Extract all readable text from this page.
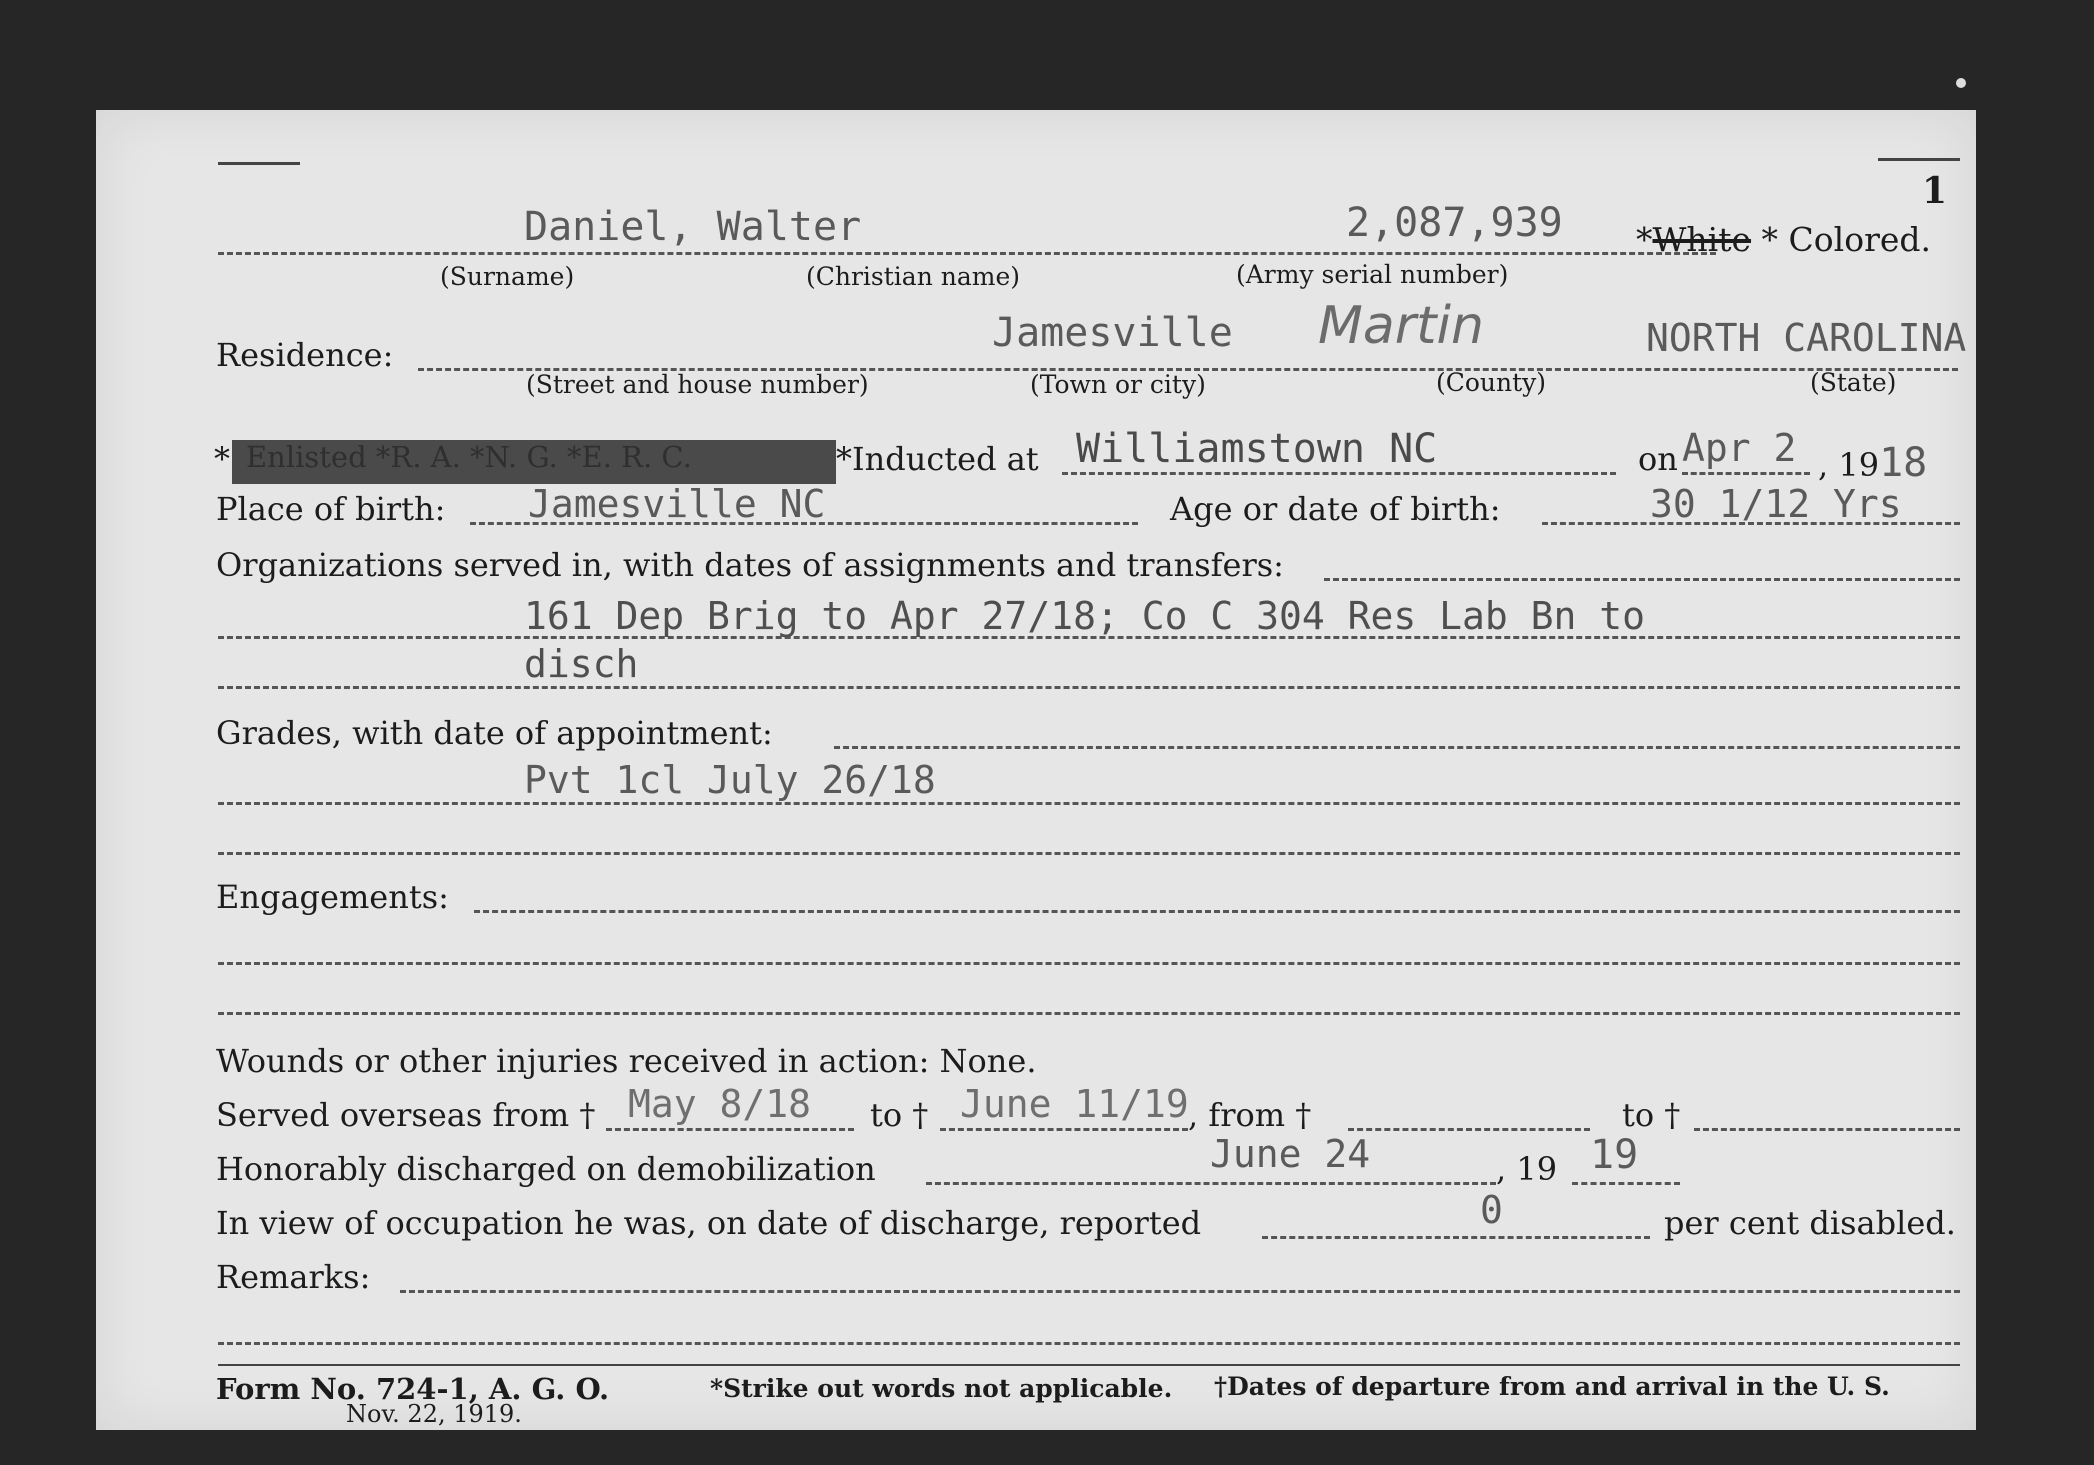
1
Daniel, Walter	2,087,939 *White * Colored.
(Surname)	(Christian name)	(Army serial number)
Residence:	Jamesville Martin	NORTH CAROLINA
(Street and house number)	(Town or city)	(County)	(State)
* Enlisted *R. A. *N. G. *E. R. C.	*Inducted at Williamstown NC	on Apr 2 , 1918
Place of birth: Jamesville NC	Age or date of birth:	30 1/12 Yrs
Organizations served in, with dates of assignments and transfers:
161 Dep Brig to Apr 27/18; Co C 304 Res Lab Bn to
disch
Grades, with date of appointment:
Pvt 1cl July 26/18
Engagements:
Wounds or other injuries received in action: None.
Served overseas from † May 8/18 to † June 11/19 , from †	to †
Honorably discharged on demobilization	June 24	, 19 19
In view of occupation he was, on date of discharge, reported	0	per cent disabled.
Remarks:
Form No. 724-1, A. G. O.
Nov. 22, 1919.
*Strike out words not applicable. †Dates of departure from and arrival in the U. S.
